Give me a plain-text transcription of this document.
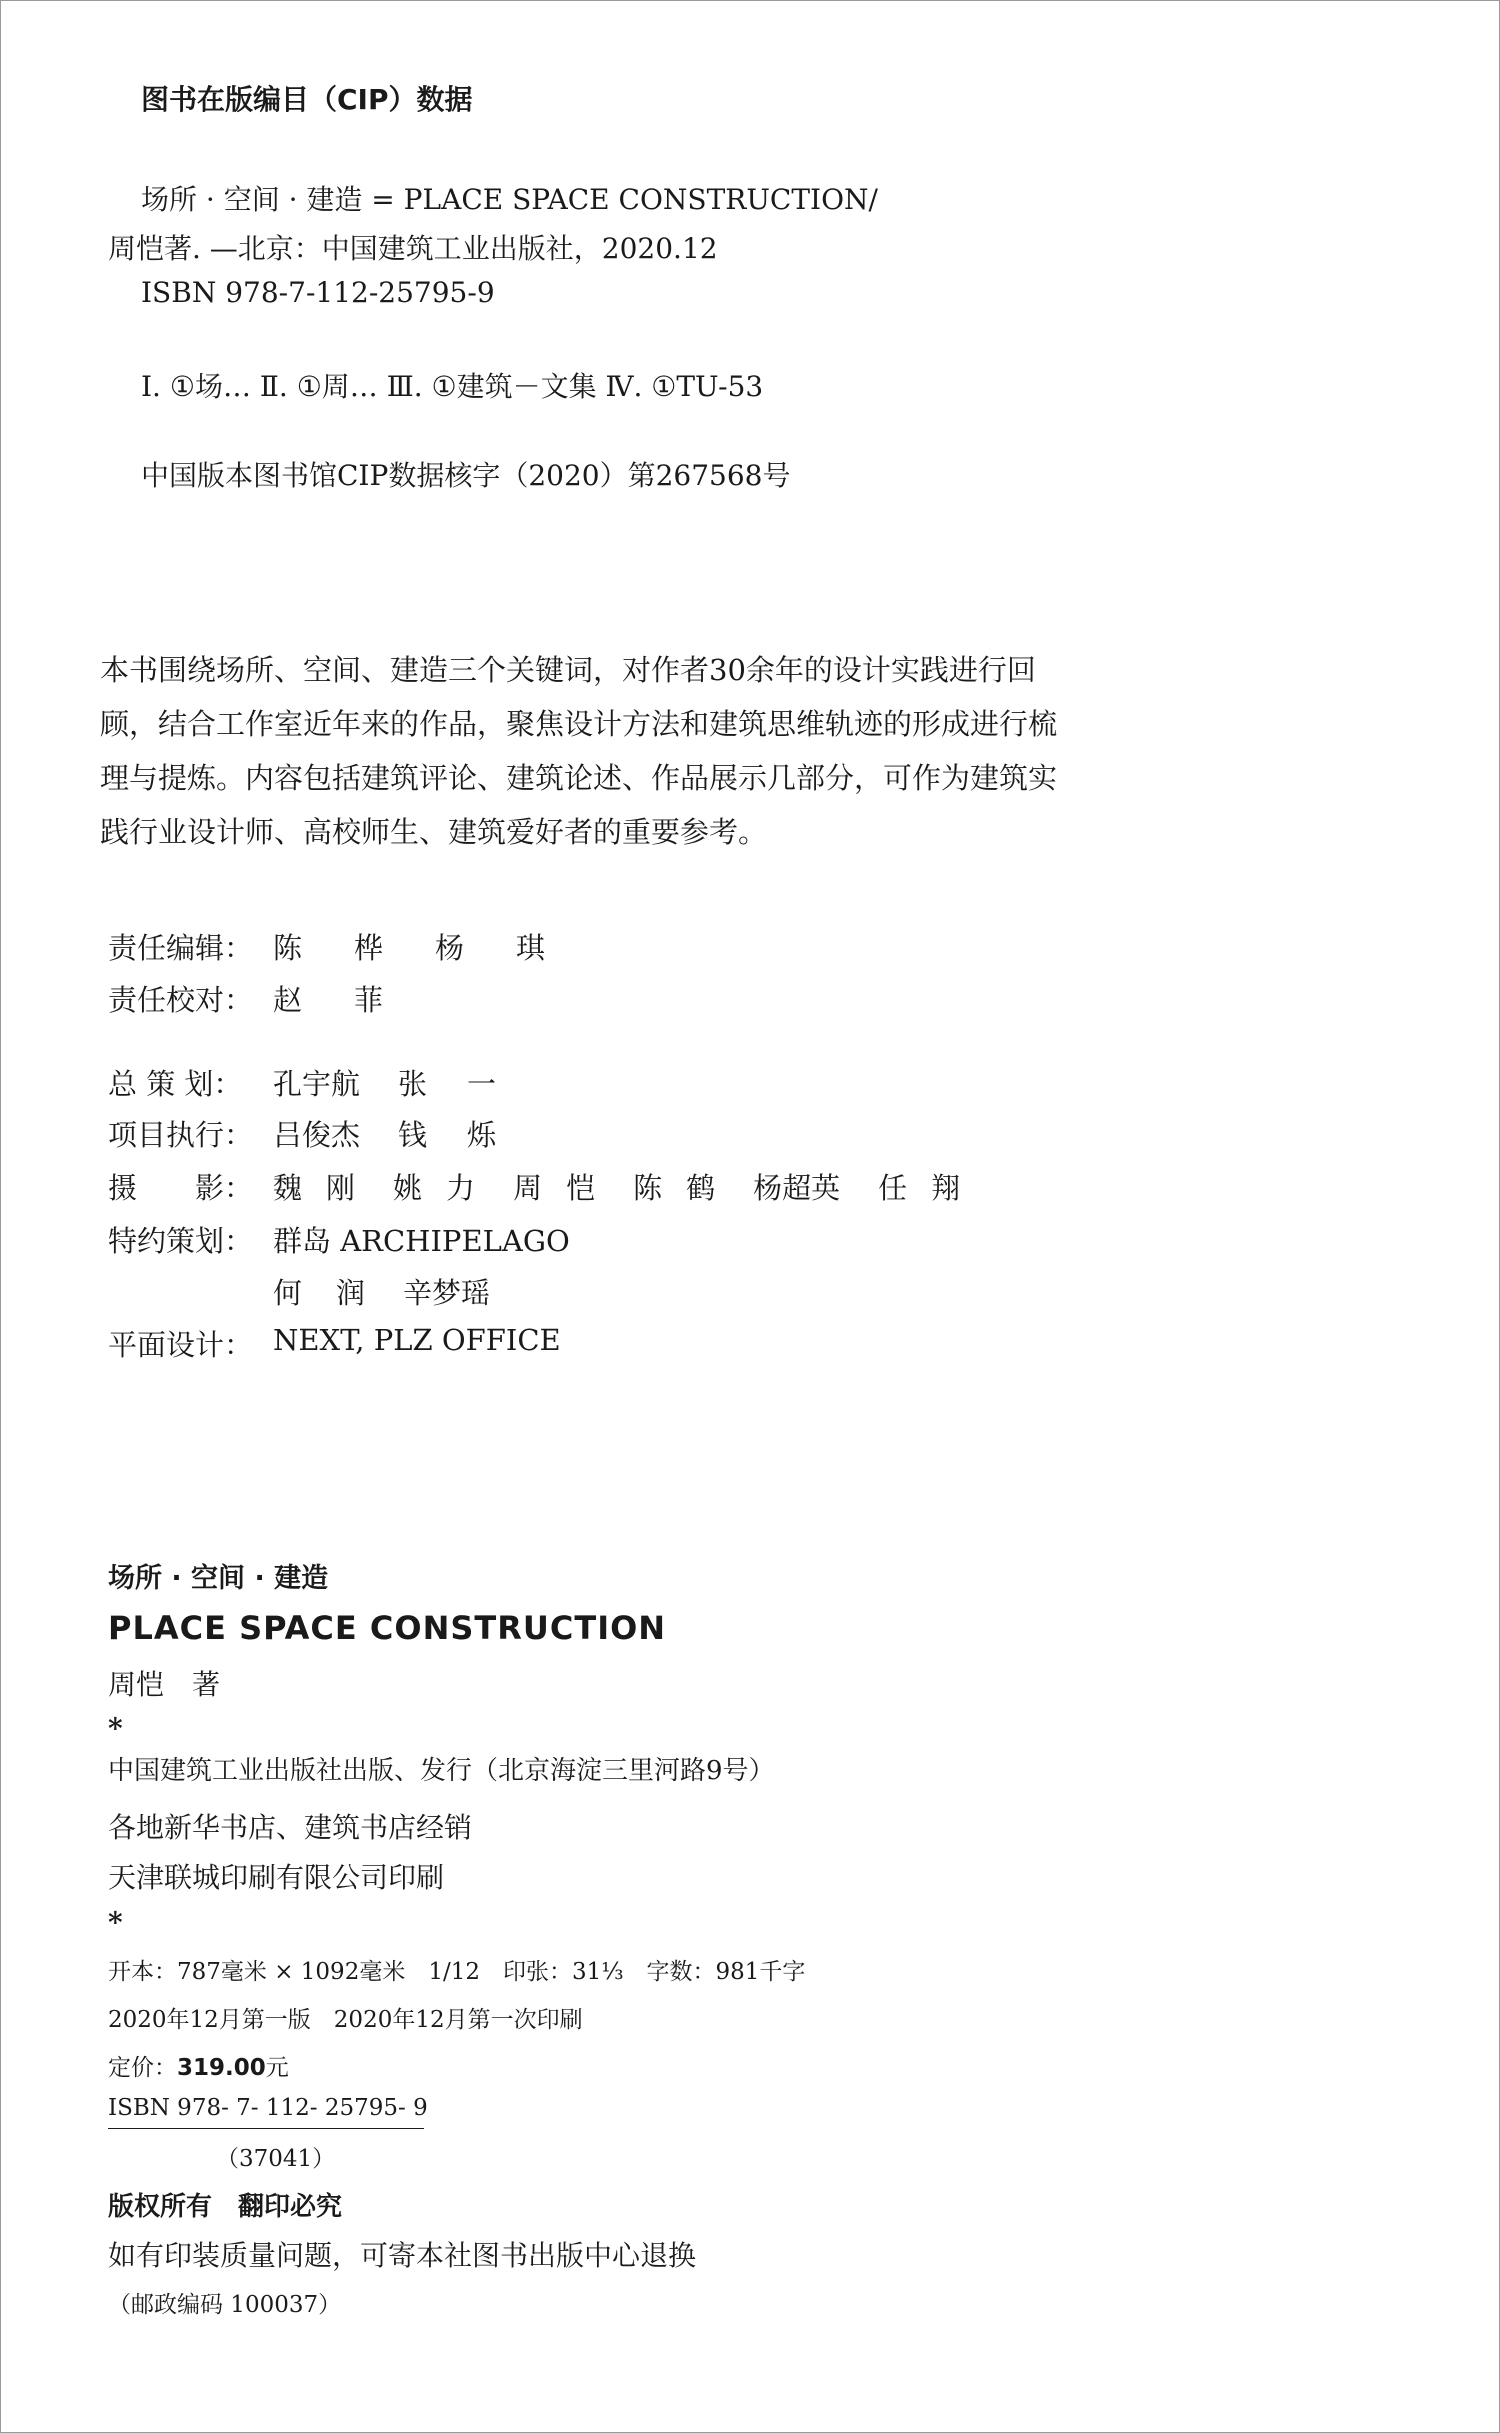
图书在版编目（CIP）数据
场所 · 空间 · 建造 = PLACE SPACE CONSTRUCTION/
周恺著. —北京：中国建筑工业出版社，2020.12
ISBN 978-7-112-25795-9
Ⅰ. ①场… Ⅱ. ①周… Ⅲ. ①建筑－文集 Ⅳ. ①TU-53
中国版本图书馆CIP数据核字（2020）第267568号
本书围绕场所、空间、建造三个关键词，对作者30余年的设计实践进行回
顾，结合工作室近年来的作品，聚焦设计方法和建筑思维轨迹的形成进行梳
理与提炼。内容包括建筑评论、建筑论述、作品展示几部分，可作为建筑实
践行业设计师、高校师生、建筑爱好者的重要参考。
责任编辑： 陈 桦 杨 琪
责任校对： 赵 菲
总 策 划：	孔宇航 张 一
项目执行： 吕俊杰 钱 烁
摄　　影： 魏 刚 姚 力 周 恺 陈 鹤 杨超英 任 翔
特约策划： 群岛 ARCHIPELAGO
何 润 辛梦瑶
平面设计： NEXT, PLZ OFFICE
场所 · 空间 · 建造
PLACE SPACE CONSTRUCTION
周恺　著
*
中国建筑工业出版社出版、发行（北京海淀三里河路9号）
各地新华书店、建筑书店经销
天津联城印刷有限公司印刷
*
开本：787毫米 × 1092毫米　1/12　印张：31⅓　字数：981千字
2020年12月第一版　2020年12月第一次印刷
定价：319.00元
ISBN 978- 7- 112- 25795- 9
（37041）
版权所有　翻印必究
如有印装质量问题，可寄本社图书出版中心退换
（邮政编码 100037）
